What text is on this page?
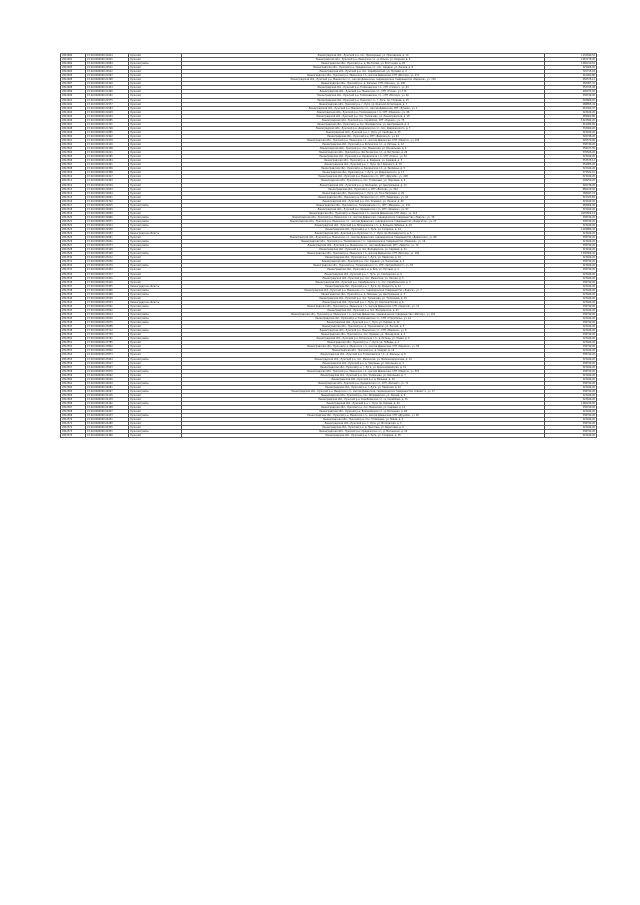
2812480	47:29:0000000:20414	Лужский	Ленинградская обл., Лужский р-н, пос. Приозерный, ул. Приозерная, д. 10	1132590,53
2812481	47:29:0000000:20415	Лужский	Ленинградская обл., Лужский р-н, Мшинское с.п., д. Ильжо, ул. Озерная, д. 6	1467178,20
2812482	47:29:0000000:20484	Лужский район	Ленинградская обл., Лужский р-н, д. Ям-Тесово, ул. Восточная, д. 28	1360210,52
2812483	47:29:0000000:20511	Лужский	Ленинградская обл., Лужский р-н, Оредежское с.п., пос. Оредеж, ул. Лесная, д. 8	325466,20
2812484	47:29:0000000:20512	Лужский	Ленинградская обл., Лужский р-н, пос. Серебрянский, ул. Луговая, д. 4	725715,18
2812485	47:29:0000000:21097	Лужский	Ленинградская обл., Лужский р-н, Мшинское с.п., массив Дивенская, СНТ «Восход», уч. 271	341260,80
2812486	47:29:0000000:21398	Лужский	Ленинградская обл., Лужский р-н, Мшинское с.п., массив Дивенская, садоводческое товарищество «Березка», уч. 139	450575,12
2812487	47:29:0000000:21410	Лужский	Ленинградская обл., Лужский р-н, д. Заполье, СНТ «Лесное», уч. 295	350067,31
2812488	47:29:0000000:21434	Лужский	Ленинградская обл., Лужский р-н, Толмачевское г.п., СНТ «Гелиос», уч. 63	353315,28
2812489	47:29:0000000:21490	Лужский	Ленинградская обл., Лужский р-н, Мшинское с.п., СНТ «Тосна», уч. 174	406972,92
2812490	47:29:0000000:21561	Лужский	Ленинградская обл., Лужский р-н, Толмачевское г.п., СНТ «Восход», уч. 40	338749,20
2812491	47:29:0000000:21575	Лужский	Ленинградская обл., Лужский р-н, Лужское г.п., г. Луга, пр-т Кирова, д. 15	393609,10
2812492	47:29:0000000:21577	Лужский	Ленинградская обл., Лужский р-н, г. Луга, ул. Красной Артиллерии, д. 7	288855,44
2812493	47:29:0000000:21583	Лужский	Ленинградская обл., Лужский р-н, Мшинское с.п., массив Дивенская, СНТ «Ручеёк», уч. 1	661302,47
2812494	47:29:0000000:21609	Лужский	Ленинградская обл., Лужский р-н, Толмачевское г.п., СНТ «Мшинка», уч. 66	323449,20
2812495	47:29:0000000:21649	Лужский	Ленинградская обл., Лужский р-н, пос. Толмачево, ул. Ленинградская, д. 18	389662,80
2812496	47:29:0000000:21685	Лужский	Ленинградская обл., Лужский р-н, Скреблово, СНТ «Родник», уч. 75	1322582,20
2812497	47:29:0000000:21741	Лужский	Ленинградская обл., Лужский р-н, пос. Володарское, ул. Центральная, д. 4	341265,69
2812498	47:29:0000000:21799	Лужский	Ленинградская обл., Лужский р-н, Дзержинское с.п., пос. Дзержинского, д. 7	333469,20
2812499	47:29:0000000:21865	Лужский	Ленинградская обл., Лужский р-н, г. Луга, ул. Свободы, д. 33	323449,20
2812500	47:29:0000000:21902	Лужский	Ленинградская обл., Лужский р-н, СНТ «Березка-2», уч. 44	326748,20
2812501	47:29:0000000:21978	Лужский	Ленинградская обл., Лужский р-н, Мшинское с.п., массив Дивенская, СНТ «Ладога», уч. 190	520570,00
2812502	47:29:0000000:22120	Лужский	Ленинградская обл., Лужский р-н, Ретюнское с.п., д. Ретюнь, д. 12	338749,20
2812503	47:29:0000000:22198	Лужский	Ленинградская обл., Лужский р-н, пос. Мшинская, ул. Вокзальная, д. 9	358477,55
2812504	47:29:0000000:22211	Лужский	Ленинградская обл., Лужский р-н, Ям-Тесовское с.п., д. Ям-Тесово, д. 26	570526,20
2812505	47:29:0000000:22265	Лужский	Ленинградская обл., Лужский р-н, Оредежское с.п., СНТ «Ключ», уч. 52	323449,20
2812506	47:29:0000000:22284	Лужский	Ленинградская обл., Лужский р-н, д. Каменка, ул. Садовая, д. 3	353575,12
2812507	47:29:0000000:22301	Лужский	Ленинградская обл., Лужский р-н, г. Луга, пр-т Урицкого, д. 70	354905,20
2812508	47:29:0000000:22356	Лужский	Ленинградская обл., Лужский р-н, Заклинское с.п., д. Заклинье, д. 5	323449,20
2812509	47:29:0000000:22368	Лужский	Ленинградская обл., Лужский р-н, г. Луга, ул. Дзержинского, д. 17	373522,10
2812510	47:29:0000000:22417	Лужский	Ленинградская обл., Лужский р-н, Мшинское с.п., СНТ «Дружба», уч. 218	323449,20
2812511	47:29:0000000:22493	Лужский	Ленинградская обл., Лужский р-н, пос. Толмачево, ул. Парковая, д. 6	408250,20
2812512	47:29:0000000:22529	Лужский	Ленинградская обл., Лужский р-н, д. Волошово, ул. Центральная, д. 14	326748,20
2812513	47:29:0000000:22603	Лужский	Ленинградская обл., Лужский р-н, СНТ «Восход», уч. 322	889129,92
2812514	47:29:0000000:22604	Лужский	Ленинградская обл., Лужский р-н, г. Луга, ул. Тоси Петровой, д. 20	768497,74
2812515	47:29:0000000:22691	Лужский	Ленинградская обл., Лужский р-н, Ретюнское с.п., СНТ «Надежда», уч. 42	321323,85
2812516	47:29:0000000:22702	Лужский	Ленинградская обл., Лужский р-н, пос. Осьмино, ул. Ленина, д. 40	323449,20
2812517	47:29:0000000:22815	Лужский район	Ленинградская обл., Лужский р-н, Толмачевское г.п., СНТ «Мшинка», уч. 231	458904,95
2812518	47:29:0000000:22829	Лужский	Ленинградская обл., Лужский р-н, Оредежское с.п., СНТ «Оредеж», уч. 97	323449,20
2812519	47:29:0000000:22840	Лужский	Ленинградская обл., Лужский р-н, Мшинское с.п., массив Дивенская, СНТ «Бор», уч. 114	2235562,19
2812520	47:29:0000000:22866	Лужский район	Ленинградская обл., Лужский р-н, Мшинское с.п., массив Дивенская, садоводческое товарищество «Ладога», уч. 39	338749,20
2812521	47:29:0000000:22871	Лужский район	Ленинградская обл., Лужский р-н, Мшинское с.п., массив Дивенская, садоводческое товарищество «Энергетик», уч. 27	338749,20
2812522	47:29:0000000:22913	Лужский район	Ленинградская обл., Лужский р-н, Волошовское с.п., д. Большое Забелье, д. 19	323449,20
2812523	47:29:0000000:22930	Лужский	Ленинградская обл., Лужский р-н, г. Луга, ул. Гагарина, д. 14	1126889,43
2812524	47:29:0000000:22957	Ленинградская область	Ленинградская обл., Лужский р-н, Лужское г.п., г. Луга, пр. Володарского, д. 5	323449,20
2812525	47:29:0000000:22991	Лужский	Ленинградская обл., Лужский р-н, Мшинское с.п., массив Дивенская, садоводческое товарищество «Дивенская», уч. 88	338749,20
2812526	47:29:0000000:23041	Лужский район	Ленинградская обл., Лужский р-н, Толмачевское г.п., садоводческое товарищество «Мшинка», уч. 16	323449,20
2812527	47:29:0000000:23073	Лужский район	Ленинградская обл., Лужский р-н, Мшинское с.п., массив Дивенская, СНТ «Ладога», уч. 72	338749,20
2812528	47:29:0000000:23128	Лужский	Ленинградская обл., Лужский р-н, пос. Володарское, ул. Садовая, д. 11	323449,20
2812529	47:29:0000000:23190	Лужский район	Ленинградская обл., Лужский р-н, Мшинское с.п., массив Дивенская, СНТ «Восход», уч. 156	1330560,41
2812530	47:29:0000000:23212	Лужский	Ленинградская обл., Лужский р-н, г. Луга, ул. Нарвская, д. 10	323449,20
2812531	47:29:0000000:23256	Лужский	Ленинградская обл., Лужский р-н, пос. Оредеж, ул. Некрасова, д. 4	338749,20
2812532	47:29:0000000:23279	Лужский район	Ленинградская обл., Лужский р-н, Толмачевское г.п., СНТ «Автомобилист», уч. 55	323449,20
2812533	47:29:0000000:23303	Лужский	Ленинградская обл., Лужский р-н, д. Бор, ул. Луговая, д. 2	338749,20
2812534	47:29:0000000:23377	Лужский	Ленинградская обл., Лужский р-н, г. Луга, ул. Смоленская, д. 9	323449,20
2812535	47:29:0000000:23401	Лужский	Ленинградская обл., Лужский р-н, пос. Мшинская, ул. Лесная, д. 5	323449,20
2812536	47:29:0000000:23410	Лужский	Ленинградская обл., Лужский р-н, Серебрянское с.п., пос. Серебрянский, д. 3	338749,20
2812537	47:29:0000000:23455	Ленинградская область	Ленинградская обл., Лужский р-н, г. Луга, пр. Урицкого, д. 12	323449,20
2812538	47:29:0000000:23466	Лужский район	Ленинградская обл., Лужский р-н, Мшинское с.п., садоводческое товарищество «Ладога», уч. 7	323449,20
2812539	47:29:0000000:23498	Лужский район	Ленинградская обл., Лужский р-н, д. Пехенец, ул. Центральная, д. 3	323449,20
2812540	47:29:0000000:23528	Лужский	Ленинградская обл., Лужский р-н, пос. Толмачево, ул. Толмачева, д. 19	323449,20
2812541	47:29:0000000:23533	Ленинградская область	Ленинградская обл., Лужский р-н, г. Луга, ул. Кингисеппская, д. 6	323449,20
2812542	47:29:0000000:23561	Лужский район	Ленинградская обл., Лужский р-н, Мшинское с.п., массив Дивенская, СНТ «Энергия», уч. 12	338749,20
2812543	47:29:0000000:23602	Лужский	Ленинградская обл., Лужский р-н, пос. Володарское, д. 21	323449,20
2812544	47:29:0000000:23614	Лужский район	Ленинградская обл., Лужский р-н, Мшинское с.п., массив Дивенская, садоводческое товарищество «Метеор», уч. 102	338749,20
2812545	47:29:0000000:23630	Лужский район	Ленинградская обл., Лужский р-н, Толмачевское г.п., СНТ «Строитель», уч. 14	323449,20
2812546	47:29:0000000:23675	Лужский район	Ленинградская обл., Лужский р-н, г. Луга, ул. Кирова, д. 22	338749,20
2812547	47:29:0000000:23688	Лужский	Ленинградская обл., Лужский р-н, д. Торошковичи, ул. Лесная, д. 5	323449,20
2812548	47:29:0000000:23712	Лужский район	Ленинградская обл., Лужский р-н, Мшинское с.п., СНТ «Мшинка», уч. 8	323449,20
2812549	47:29:0000000:23739	Лужский	Ленинградская обл., Лужский р-н, пос. Оредеж, ул. Пионерская, д. 2	338749,20
2812550	47:29:0000000:23761	Лужский район	Ленинградская обл., Лужский р-н, Ретюнское с.п., д. Ретюнь, ул. Новая, д. 6	323449,20
2812551	47:29:0000000:23785	Лужский	Ленинградская обл., Лужский р-н, г. Луга, ул. Победы, д. 4	323449,20
2812552	47:29:0000000:23802	Лужский	Ленинградская обл., Лужский р-н, Мшинское с.п., массив Дивенская, СНТ «Березка», уч. 58	338749,20
2812553	47:29:0000000:23840	Лужский	Ленинградская обл., Лужский р-н, д. Смерди, д. 12	323449,20
2812554	47:29:0000000:23873	Лужский	Ленинградская обл., Лужский р-н, Толмачевское г.п., д. Жельцы, д. 8	338749,20
2812555	47:29:0000000:23904	Лужский район	Ленинградская обл., Лужский р-н, пос. Мшинская, ул. Железнодорожная, д. 14	323449,20
2812556	47:29:0000000:23917	Лужский	Ленинградская обл., Лужский р-н, д. Заклинье, ул. Школьная, д. 3	338749,20
2812557	47:29:0000000:23953	Лужский	Ленинградская обл., Лужский р-н, г. Луга, ул. Красноармейская, д. 31	323449,20
2812558	47:29:0000000:23970	Лужский район	Ленинградская обл., Лужский р-н, Мшинское с.п., массив Дивенская, СНТ «Ладога», уч. 301	338749,20
2812559	47:29:0000000:24002	Лужский	Ленинградская обл., Лужский р-н, пос. Толмачево, ул. Школьная, д. 7	323449,20
2812560	47:29:0000000:24026	Лужский	Ленинградская обл., Лужский р-н, д. Вяжище, д. 14	323449,20
2812561	47:29:0000000:24049	Лужский район	Ленинградская обл., Лужский р-н, Оредежское с.п., СНТ «Рассвет», уч. 71	338749,20
2812562	47:29:0000000:24081	Лужский	Ленинградская обл., Лужский р-н, г. Луга, ул. Нарвская, д. 22	323449,20
2812563	47:29:0000000:24097	Лужский район	Ленинградская обл., Лужский р-н, Мшинское с.п., массив Дивенская, садоводческое товарищество «Связист», уч. 17	338749,20
2812564	47:29:0000000:24115	Лужский	Ленинградская обл., Лужский р-н, пос. Володарское, ул. Лесная, д. 9	323449,20
2812565	47:29:0000000:24139	Лужский	Ленинградская обл., Лужский р-н, Скребловское с.п., д. Скреблово, д. 31	323449,20
2812566	47:29:0000000:24162	Лужский район	Ленинградская обл., Лужский р-н, г. Луга, пр. Кирова, д. 44	1260240,00
2812567	47:29:0000000:24188	Лужский	Ленинградская обл., Лужский р-н, пос. Мшинская, ул. Садовая, д. 12	338749,20
2812568	47:29:0000000:24207	Лужский	Ленинградская обл., Лужский р-н, Волошовское с.п., д. Волошово, д. 48	323449,20
2812569	47:29:0000000:24233	Лужский район	Ленинградская обл., Лужский р-н, Мшинское с.п., массив Дивенская, СНТ «Дружба», уч. 90	338749,20
2812570	47:29:0000000:24251	Лужский	Ленинградская обл., Лужский р-н, пос. Толмачево, ул. Новая, д. 2	323449,20
2812571	47:29:0000000:24280	Лужский	Ленинградская обл., Лужский р-н, г. Луга, ул. Московская, д. 3	338749,20
2812572	47:29:0000000:24305	Лужский	Ленинградская обл., Лужский р-н, д. Пристань, ул. Береговая, д. 6	323449,20
2812573	47:29:0000000:24331	Лужский район	Ленинградская обл., Лужский р-н, Оредежское с.п., д. Moroшкино, д. 10	338749,20
2812574	47:29:0000000:24360	Лужский	Ленинградская обл., Лужский р-н, г. Луга, ул. Гагарина, д. 35	323449,20
